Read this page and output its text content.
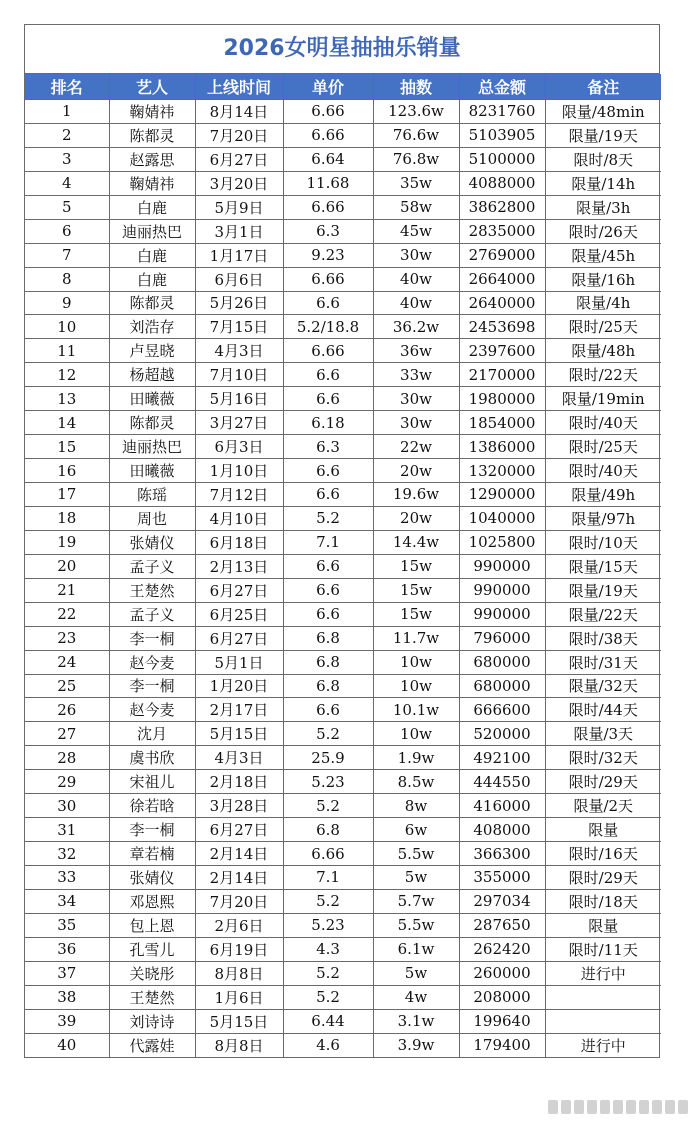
2026女明星抽抽乐销量
排名	艺人	上线时间	单价	抽数	总金额	备注
1	鞠婧祎	8月14日	6.66	123.6w	8231760	限量/48min
2	陈都灵	7月20日	6.66	76.6w	5103905	限量/19天
3	赵露思	6月27日	6.64	76.8w	5100000	限时/8天
4	鞠婧祎	3月20日	11.68	35w	4088000	限量/14h
5	白鹿	5月9日	6.66	58w	3862800	限量/3h
6	迪丽热巴	3月1日	6.3	45w	2835000	限时/26天
7	白鹿	1月17日	9.23	30w	2769000	限量/45h
8	白鹿	6月6日	6.66	40w	2664000	限量/16h
9	陈都灵	5月26日	6.6	40w	2640000	限量/4h
10	刘浩存	7月15日	5.2/18.8	36.2w	2453698	限时/25天
11	卢昱晓	4月3日	6.66	36w	2397600	限量/48h
12	杨超越	7月10日	6.6	33w	2170000	限时/22天
13	田曦薇	5月16日	6.6	30w	1980000	限量/19min
14	陈都灵	3月27日	6.18	30w	1854000	限时/40天
15	迪丽热巴	6月3日	6.3	22w	1386000	限时/25天
16	田曦薇	1月10日	6.6	20w	1320000	限时/40天
17	陈瑶	7月12日	6.6	19.6w	1290000	限量/49h
18	周也	4月10日	5.2	20w	1040000	限量/97h
19	张婧仪	6月18日	7.1	14.4w	1025800	限时/10天
20	孟子义	2月13日	6.6	15w	990000	限量/15天
21	王楚然	6月27日	6.6	15w	990000	限量/19天
22	孟子义	6月25日	6.6	15w	990000	限量/22天
23	李一桐	6月27日	6.8	11.7w	796000	限时/38天
24	赵今麦	5月1日	6.8	10w	680000	限时/31天
25	李一桐	1月20日	6.8	10w	680000	限量/32天
26	赵今麦	2月17日	6.6	10.1w	666600	限时/44天
27	沈月	5月15日	5.2	10w	520000	限量/3天
28	虞书欣	4月3日	25.9	1.9w	492100	限时/32天
29	宋祖儿	2月18日	5.23	8.5w	444550	限时/29天
30	徐若晗	3月28日	5.2	8w	416000	限量/2天
31	李一桐	6月27日	6.8	6w	408000	限量
32	章若楠	2月14日	6.66	5.5w	366300	限时/16天
33	张婧仪	2月14日	7.1	5w	355000	限时/29天
34	邓恩熙	7月20日	5.2	5.7w	297034	限时/18天
35	包上恩	2月6日	5.23	5.5w	287650	限量
36	孔雪儿	6月19日	4.3	6.1w	262420	限时/11天
37	关晓彤	8月8日	5.2	5w	260000	进行中
38	王楚然	1月6日	5.2	4w	208000	
39	刘诗诗	5月15日	6.44	3.1w	199640	
40	代露娃	8月8日	4.6	3.9w	179400	进行中
